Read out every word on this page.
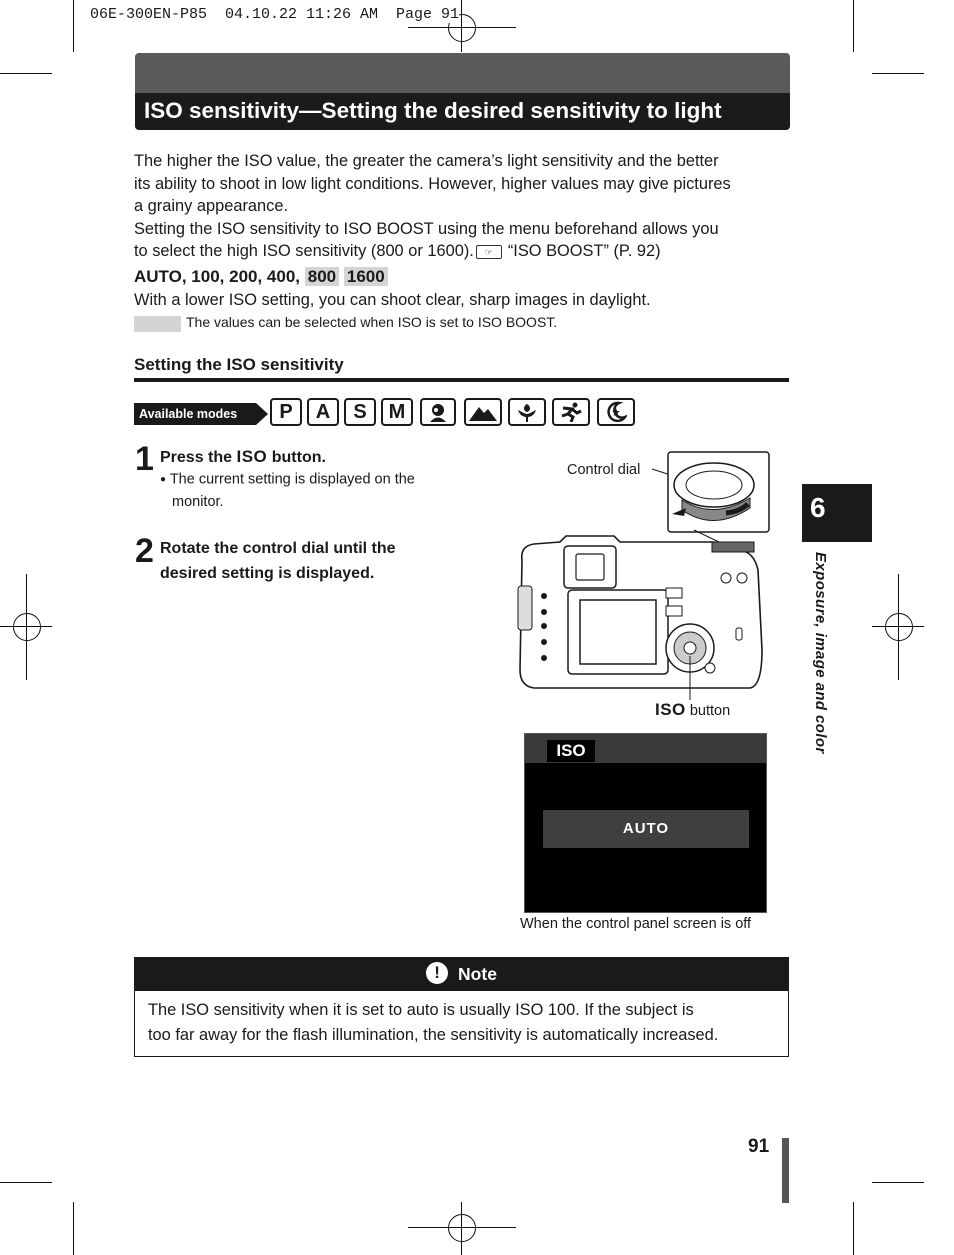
06E-300EN-P85  04.10.22 11:26 AM  Page 91
ISO sensitivity—Setting the desired sensitivity to light

The higher the ISO value, the greater the camera’s light sensitivity and the better

its ability to shoot in low light conditions. However, higher values may give pictures

a grainy appearance.

Setting the ISO sensitivity to ISO BOOST using the menu beforehand allows you

to select the high ISO sensitivity (800 or 1600). ☞ “ISO BOOST” (P. 92)

AUTO, 100, 200, 400, 800 1600
With a lower ISO setting, you can shoot clear, sharp images in daylight.
The values can be selected when ISO is set to ISO BOOST.
Setting the ISO sensitivity
Available modes	P	A	S	M
1 Press the ISO button.
● The current setting is displayed on the
monitor.
2 Rotate the control dial until the
desired setting is displayed.
Control dial
ISO button
ISO
AUTO
When the control panel screen is off
! Note
The ISO sensitivity when it is set to auto is usually ISO 100. If the subject is
too far away for the flash illumination, the sensitivity is automatically increased.
6
Exposure, image and color
91
